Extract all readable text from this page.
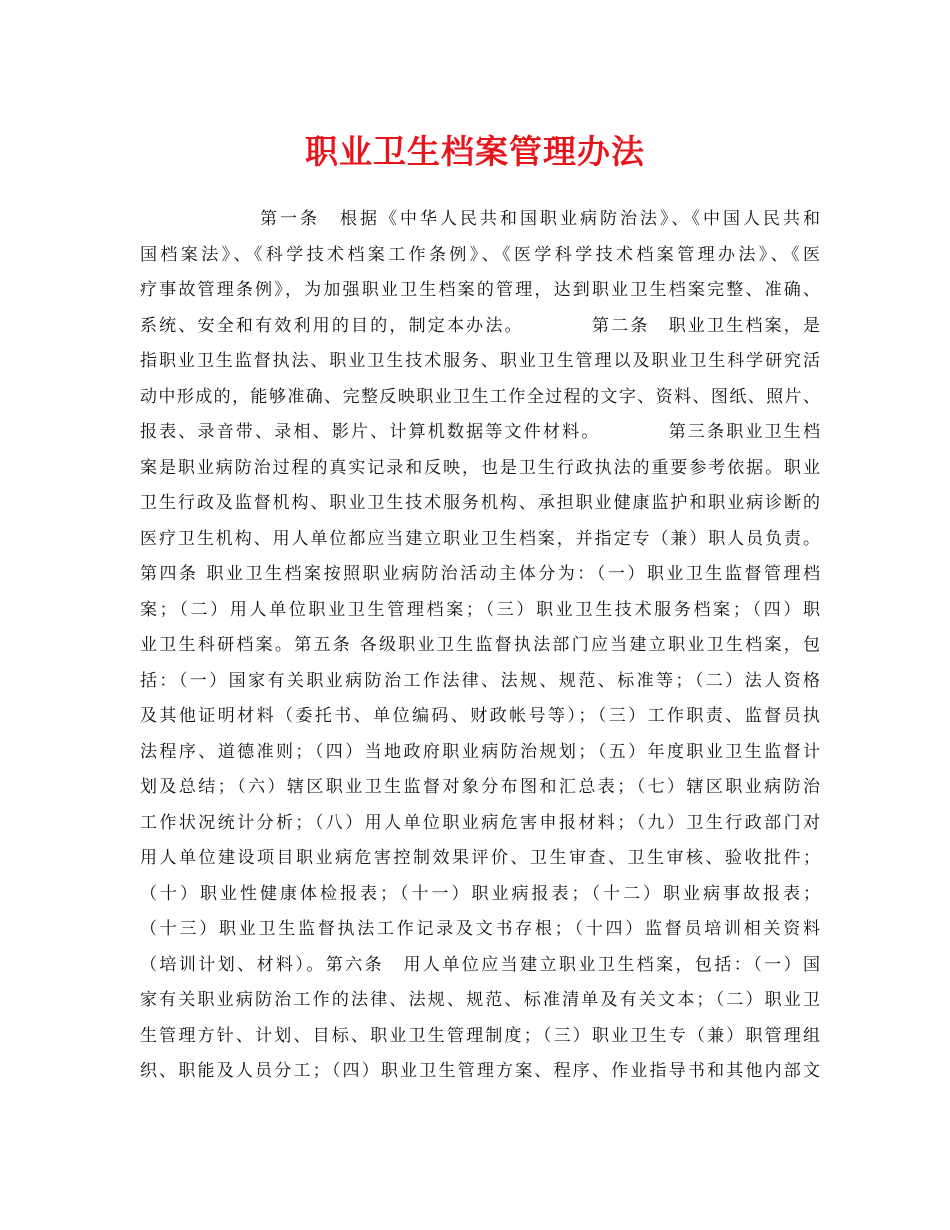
职业卫生档案管理办法
第一条　根据《中华人民共和国职业病防治法》、《中国人民共和
国档案法》、《科学技术档案工作条例》、《医学科学技术档案管理办法》、《医
疗事故管理条例》，为加强职业卫生档案的管理，达到职业卫生档案完整、准确、
系统、安全和有效利用的目的，制定本办法。　　　　第二条　职业卫生档案，是
指职业卫生监督执法、职业卫生技术服务、职业卫生管理以及职业卫生科学研究活
动中形成的，能够准确、完整反映职业卫生工作全过程的文字、资料、图纸、照片、
报表、录音带、录相、影片、计算机数据等文件材料。　　　　第三条职业卫生档
案是职业病防治过程的真实记录和反映，也是卫生行政执法的重要参考依据。职业
卫生行政及监督机构、职业卫生技术服务机构、承担职业健康监护和职业病诊断的
医疗卫生机构、用人单位都应当建立职业卫生档案，并指定专（兼）职人员负责。
第四条 职业卫生档案按照职业病防治活动主体分为：（一）职业卫生监督管理档
案；（二）用人单位职业卫生管理档案；（三）职业卫生技术服务档案；（四）职
业卫生科研档案。第五条 各级职业卫生监督执法部门应当建立职业卫生档案，包
括：（一）国家有关职业病防治工作法律、法规、规范、标准等；（二）法人资格
及其他证明材料（委托书、单位编码、财政帐号等）；（三）工作职责、监督员执
法程序、道德准则；（四）当地政府职业病防治规划；（五）年度职业卫生监督计
划及总结；（六）辖区职业卫生监督对象分布图和汇总表；（七）辖区职业病防治
工作状况统计分析；（八）用人单位职业病危害申报材料；（九）卫生行政部门对
用人单位建设项目职业病危害控制效果评价、卫生审查、卫生审核、验收批件；
（十）职业性健康体检报表；（十一）职业病报表；（十二）职业病事故报表；
（十三）职业卫生监督执法工作记录及文书存根；（十四）监督员培训相关资料
（培训计划、材料）。第六条　用人单位应当建立职业卫生档案，包括：（一）国
家有关职业病防治工作的法律、法规、规范、标准清单及有关文本；（二）职业卫
生管理方针、计划、目标、职业卫生管理制度；（三）职业卫生专（兼）职管理组
织、职能及人员分工；（四）职业卫生管理方案、程序、作业指导书和其他内部文
